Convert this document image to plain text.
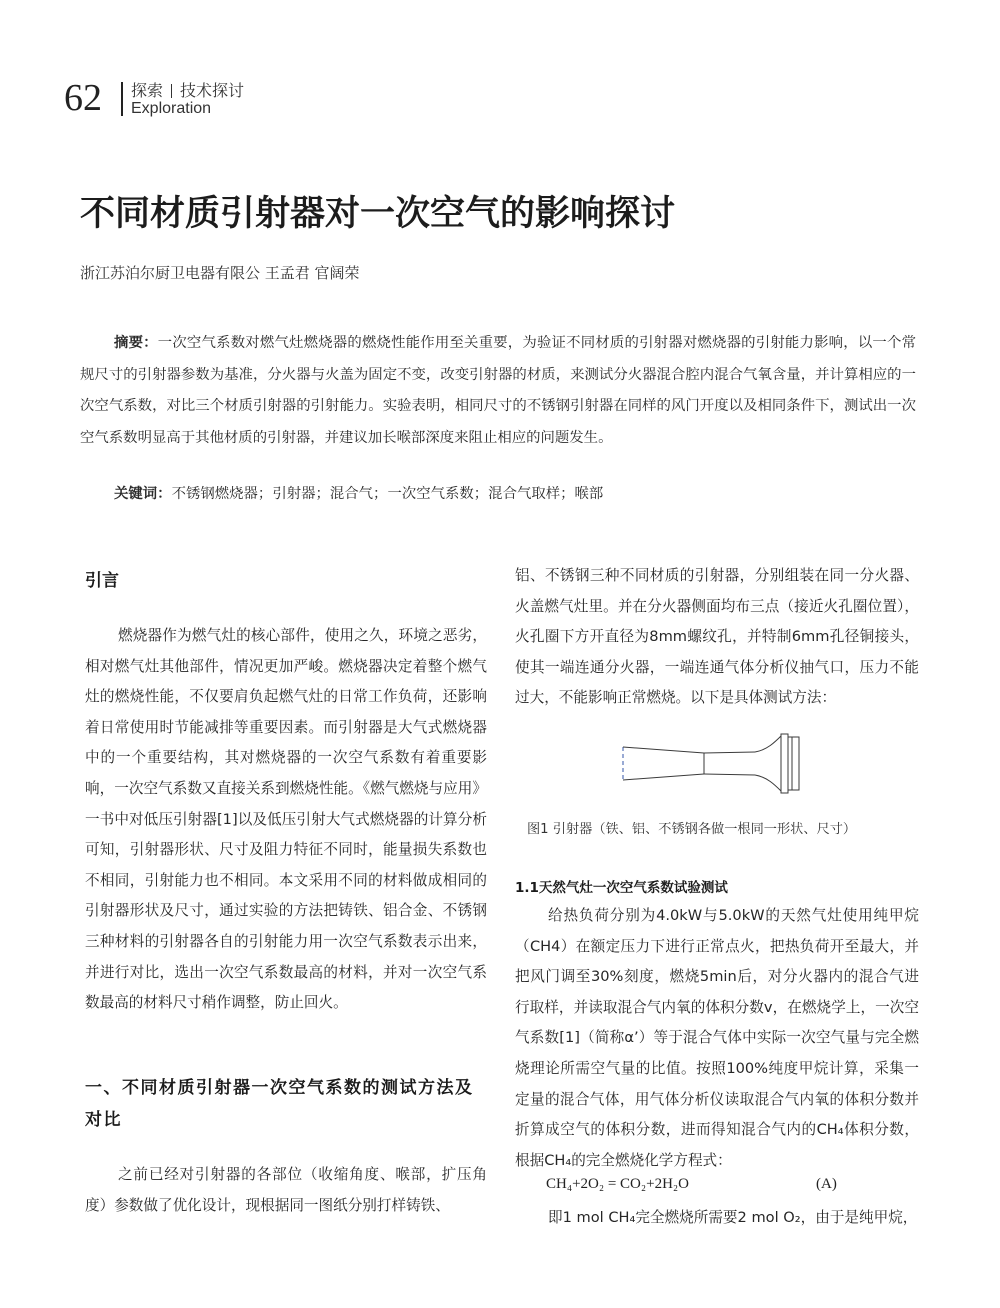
62 探索 技术探讨
Exploration
不同材质引射器对一次空气的影响探讨
浙江苏泊尔厨卫电器有限公 王孟君 官阔荣

摘要：一次空气系数对燃气灶燃烧器的燃烧性能作用至关重要，为验证不同材质的引射器对燃烧器的引射能力影响，以一个常规尺寸的引射器参数为基准，分火器与火盖为固定不变，改变引射器的材质，来测试分火器混合腔内混合气氧含量，并计算相应的一次空气系数，对比三个材质引射器的引射能力。实验表明，相同尺寸的不锈钢引射器在同样的风门开度以及相同条件下，测试出一次空气系数明显高于其他材质的引射器，并建议加长喉部深度来阻止相应的问题发生。

关键词：不锈钢燃烧器；引射器；混合气；一次空气系数；混合气取样；喉部
引言

燃烧器作为燃气灶的核心部件，使用之久，环境之恶劣，相对燃气灶其他部件，情况更加严峻。燃烧器决定着整个燃气灶的燃烧性能，不仅要肩负起燃气灶的日常工作负荷，还影响着日常使用时节能减排等重要因素。而引射器是大气式燃烧器中的一个重要结构，其对燃烧器的一次空气系数有着重要影响，一次空气系数又直接关系到燃烧性能。《燃气燃烧与应用》一书中对低压引射器[1]以及低压引射大气式燃烧器的计算分析可知，引射器形状、尺寸及阻力特征不同时，能量损失系数也不相同，引射能力也不相同。本文采用不同的材料做成相同的引射器形状及尺寸，通过实验的方法把铸铁、铝合金、不锈钢三种材料的引射器各自的引射能力用一次空气系数表示出来，并进行对比，选出一次空气系数最高的材料，并对一次空气系数最高的材料尺寸稍作调整，防止回火。

一、不同材质引射器一次空气系数的测试方法及对比

之前已经对引射器的各部位（收缩角度、喉部，扩压角度）参数做了优化设计，现根据同一图纸分别打样铸铁、

铝、不锈钢三种不同材质的引射器，分别组装在同一分火器、火盖燃气灶里。并在分火器侧面均布三点（接近火孔圈位置），火孔圈下方开直径为8mm螺纹孔，并特制6mm孔径铜接头，使其一端连通分火器，一端连通气体分析仪抽气口，压力不能过大，不能影响正常燃烧。以下是具体测试方法：

图1 引射器（铁、铝、不锈钢各做一根同一形状、尺寸）
1.1天然气灶一次空气系数试验测试

给热负荷分别为4.0kW与5.0kW的天然气灶使用纯甲烷（CH4）在额定压力下进行正常点火，把热负荷开至最大，并把风门调至30%刻度，燃烧5min后，对分火器内的混合气进行取样，并读取混合气内氧的体积分数v，在燃烧学上，一次空气系数[1]（简称α’）等于混合气体中实际一次空气量与完全燃烧理论所需空气量的比值。按照100%纯度甲烷计算，采集一定量的混合气体，用气体分析仪读取混合气内氧的体积分数并折算成空气的体积分数，进而得知混合气内的CH₄体积分数，根据CH₄的完全燃烧化学方程式：

CH₄+2O₂ = CO₂+2H₂O	(A)
即1 mol CH₄完全燃烧所需要2 mol O₂，由于是纯甲烷，
